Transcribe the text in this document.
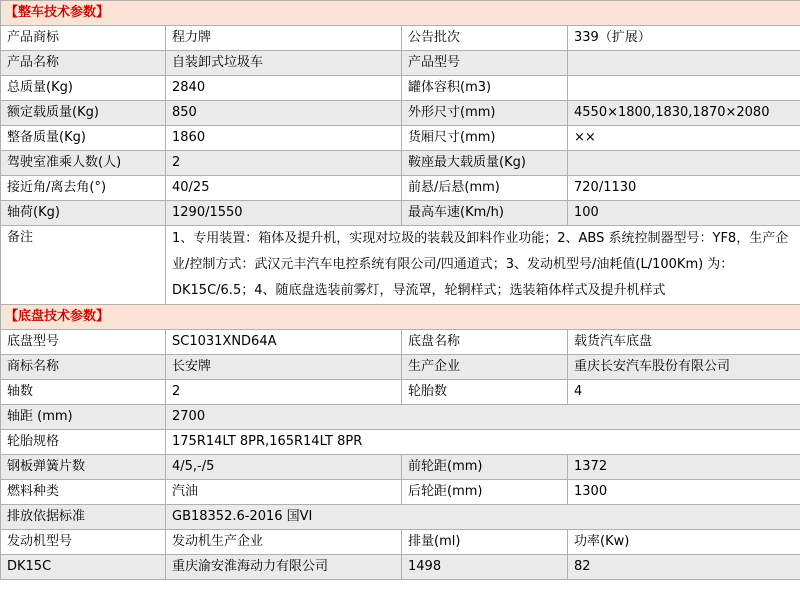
【整车技术参数】			
产品商标	程力牌	公告批次	339（扩展）
产品名称	自装卸式垃圾车	产品型号	
总质量(Kg)	2840	罐体容积(m3)	
额定载质量(Kg)	850	外形尺寸(mm)	4550×1800,1830,1870×2080
整备质量(Kg)	1860	货厢尺寸(mm)	××
驾驶室准乘人数(人)	2	鞍座最大载质量(Kg)	
接近角/离去角(°)	40/25	前悬/后悬(mm)	720/1130
轴荷(Kg)	1290/1550	最高车速(Km/h)	100
备注	1、专用装置：箱体及提升机，实现对垃圾的装载及卸料作业功能；2、ABS 系统控制器型号：YF8，生产企业/控制方式：武汉元丰汽车电控系统有限公司/四通道式；3、发动机型号/油耗值(L/100Km) 为：DK15C/6.5；4、随底盘选装前雾灯，导流罩，轮辋样式；选装箱体样式及提升机样式		
【底盘技术参数】			
底盘型号	SC1031XND64A	底盘名称	载货汽车底盘
商标名称	长安牌	生产企业	重庆长安汽车股份有限公司
轴数	2	轮胎数	4
轴距 (mm)	2700		
轮胎规格	175R14LT 8PR,165R14LT 8PR		
钢板弹簧片数	4/5,-/5	前轮距(mm)	1372
燃料种类	汽油	后轮距(mm)	1300
排放依据标准	GB18352.6-2016 国VI		
发动机型号	发动机生产企业	排量(ml)	功率(Kw)
DK15C	重庆渝安淮海动力有限公司	1498	82
